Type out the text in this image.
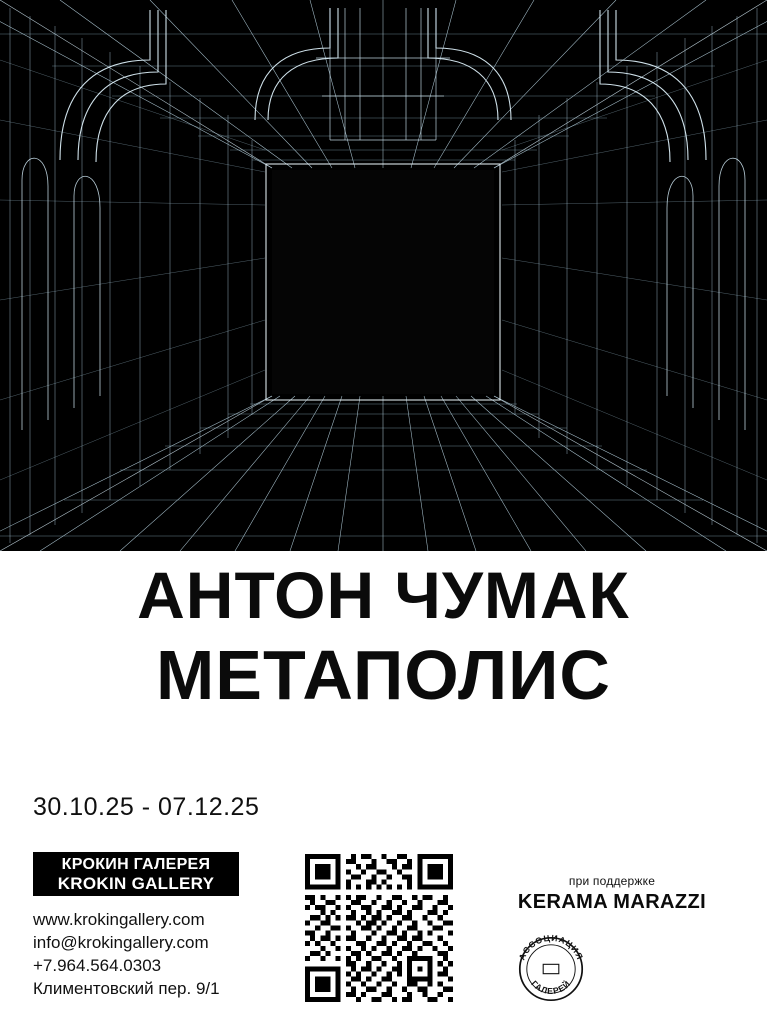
АНТОН ЧУМАК
МЕТАПОЛИС
30.10.25 - 07.12.25
КРОКИН ГАЛЕРЕЯ
KROKIN GALLERY
www.krokingallery.com
info@krokingallery.com
+7.964.564.0303
Климентовский пер. 9/1
при поддержке
KERAMA MARAZZI
АССОЦИАЦИЯ
ГАЛЕРЕЙ
